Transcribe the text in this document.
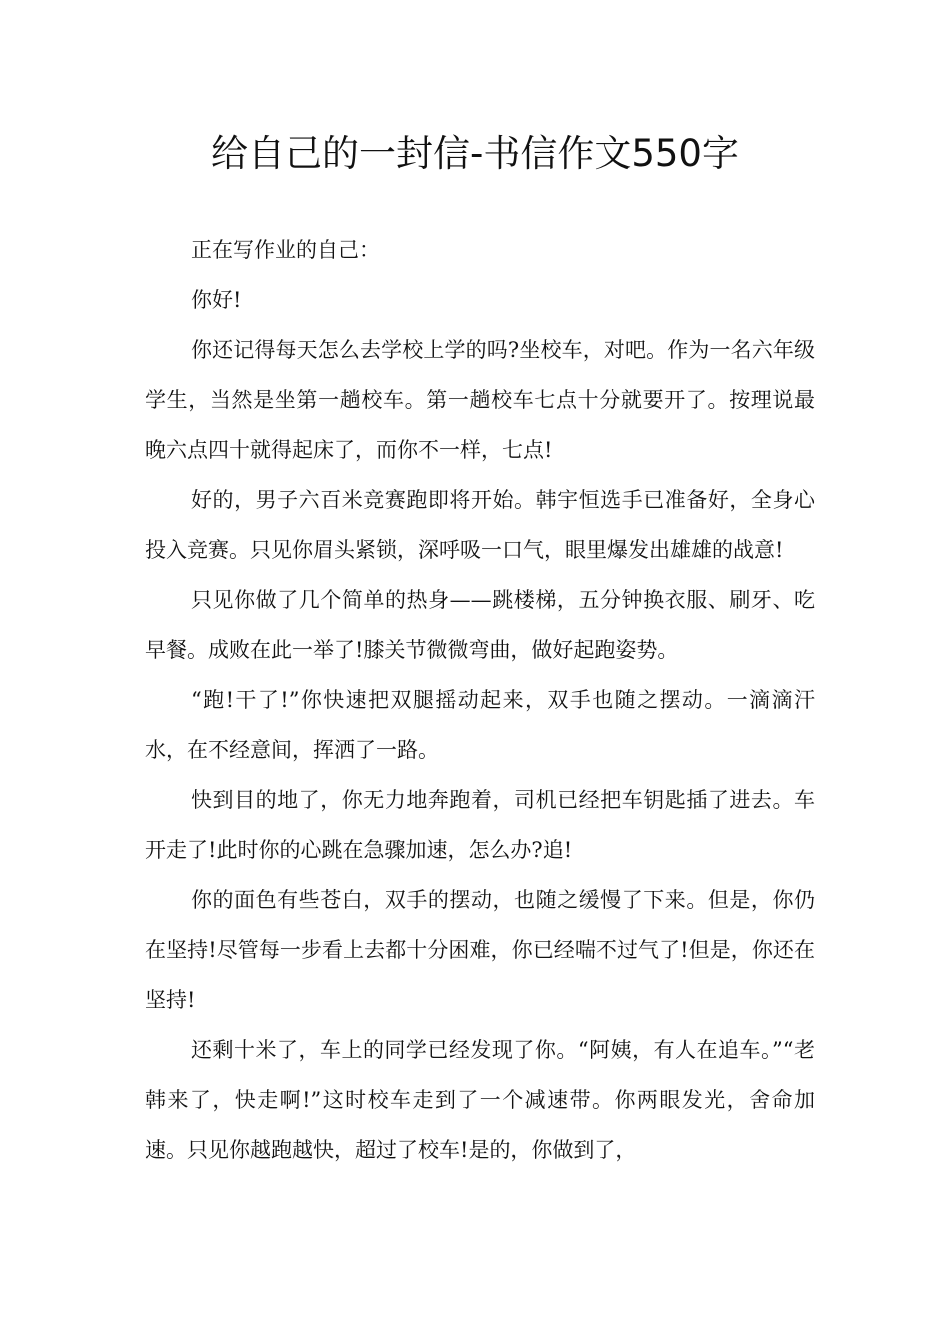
给自己的一封信-书信作文550字

正在写作业的自己：

你好!

你还记得每天怎么去学校上学的吗?坐校车，对吧。作为一名六年级学生，当然是坐第一趟校车。第一趟校车七点十分就要开了。按理说最晚六点四十就得起床了，而你不一样，七点!

好的，男子六百米竞赛跑即将开始。韩宇恒选手已准备好，全身心投入竞赛。只见你眉头紧锁，深呼吸一口气，眼里爆发出雄雄的战意!

只见你做了几个简单的热身——跳楼梯，五分钟换衣服、刷牙、吃早餐。成败在此一举了!膝关节微微弯曲，做好起跑姿势。

“跑!干了!”你快速把双腿摇动起来，双手也随之摆动。一滴滴汗水，在不经意间，挥洒了一路。

快到目的地了，你无力地奔跑着，司机已经把车钥匙插了进去。车开走了!此时你的心跳在急骤加速，怎么办?追!

你的面色有些苍白，双手的摆动，也随之缓慢了下来。但是，你仍在坚持!尽管每一步看上去都十分困难，你已经喘不过气了!但是，你还在坚持!

还剩十米了，车上的同学已经发现了你。“阿姨，有人在追车。”“老韩来了，快走啊!”这时校车走到了一个减速带。你两眼发光，舍命加速。只见你越跑越快，超过了校车!是的，你做到了，
